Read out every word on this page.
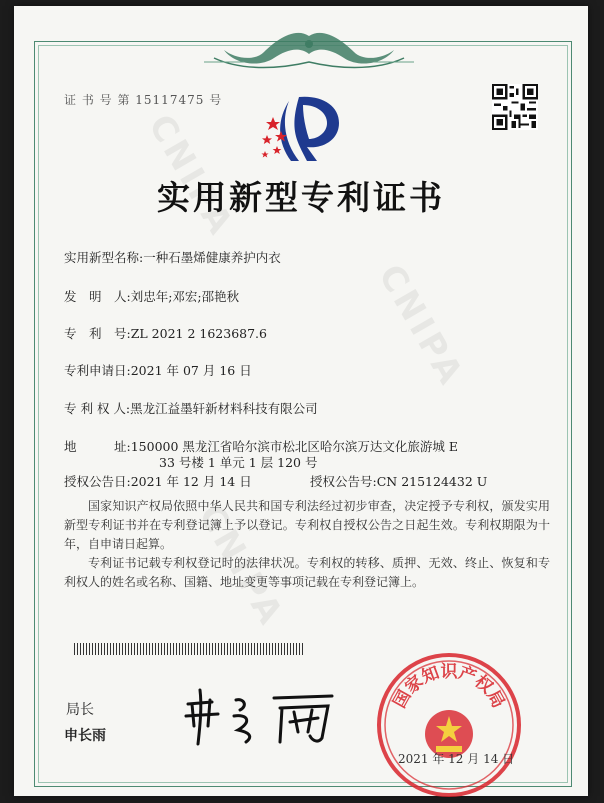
CNIPA
CNIPA
CNIPA
证 书 号 第 15117475 号
实用新型专利证书
实用新型名称:一种石墨烯健康养护内衣
发　明　人:刘忠年;邓宏;邵艳秋
专　利　号:ZL 2021 2 1623687.6
专利申请日:2021 年 07 月 16 日
专 利 权 人:黑龙江益墨轩新材料科技有限公司
地　　　址:150000 黑龙江省哈尔滨市松北区哈尔滨万达文化旅游城 E
33 号楼 1 单元 1 层 120 号
授权公告日:2021 年 12 月 14 日	授权公告号:CN 215124432 U
国家知识产权局依照中华人民共和国专利法经过初步审查，决定授予专利权，颁发实用新型专利证书并在专利登记簿上予以登记。专利权自授权公告之日起生效。专利权期限为十年，自申请日起算。
专利证书记载专利权登记时的法律状况。专利权的转移、质押、无效、终止、恢复和专利权人的姓名或名称、国籍、地址变更等事项记载在专利登记簿上。
局长
申长雨
国家知识产权局
2021 年 12 月 14 日
